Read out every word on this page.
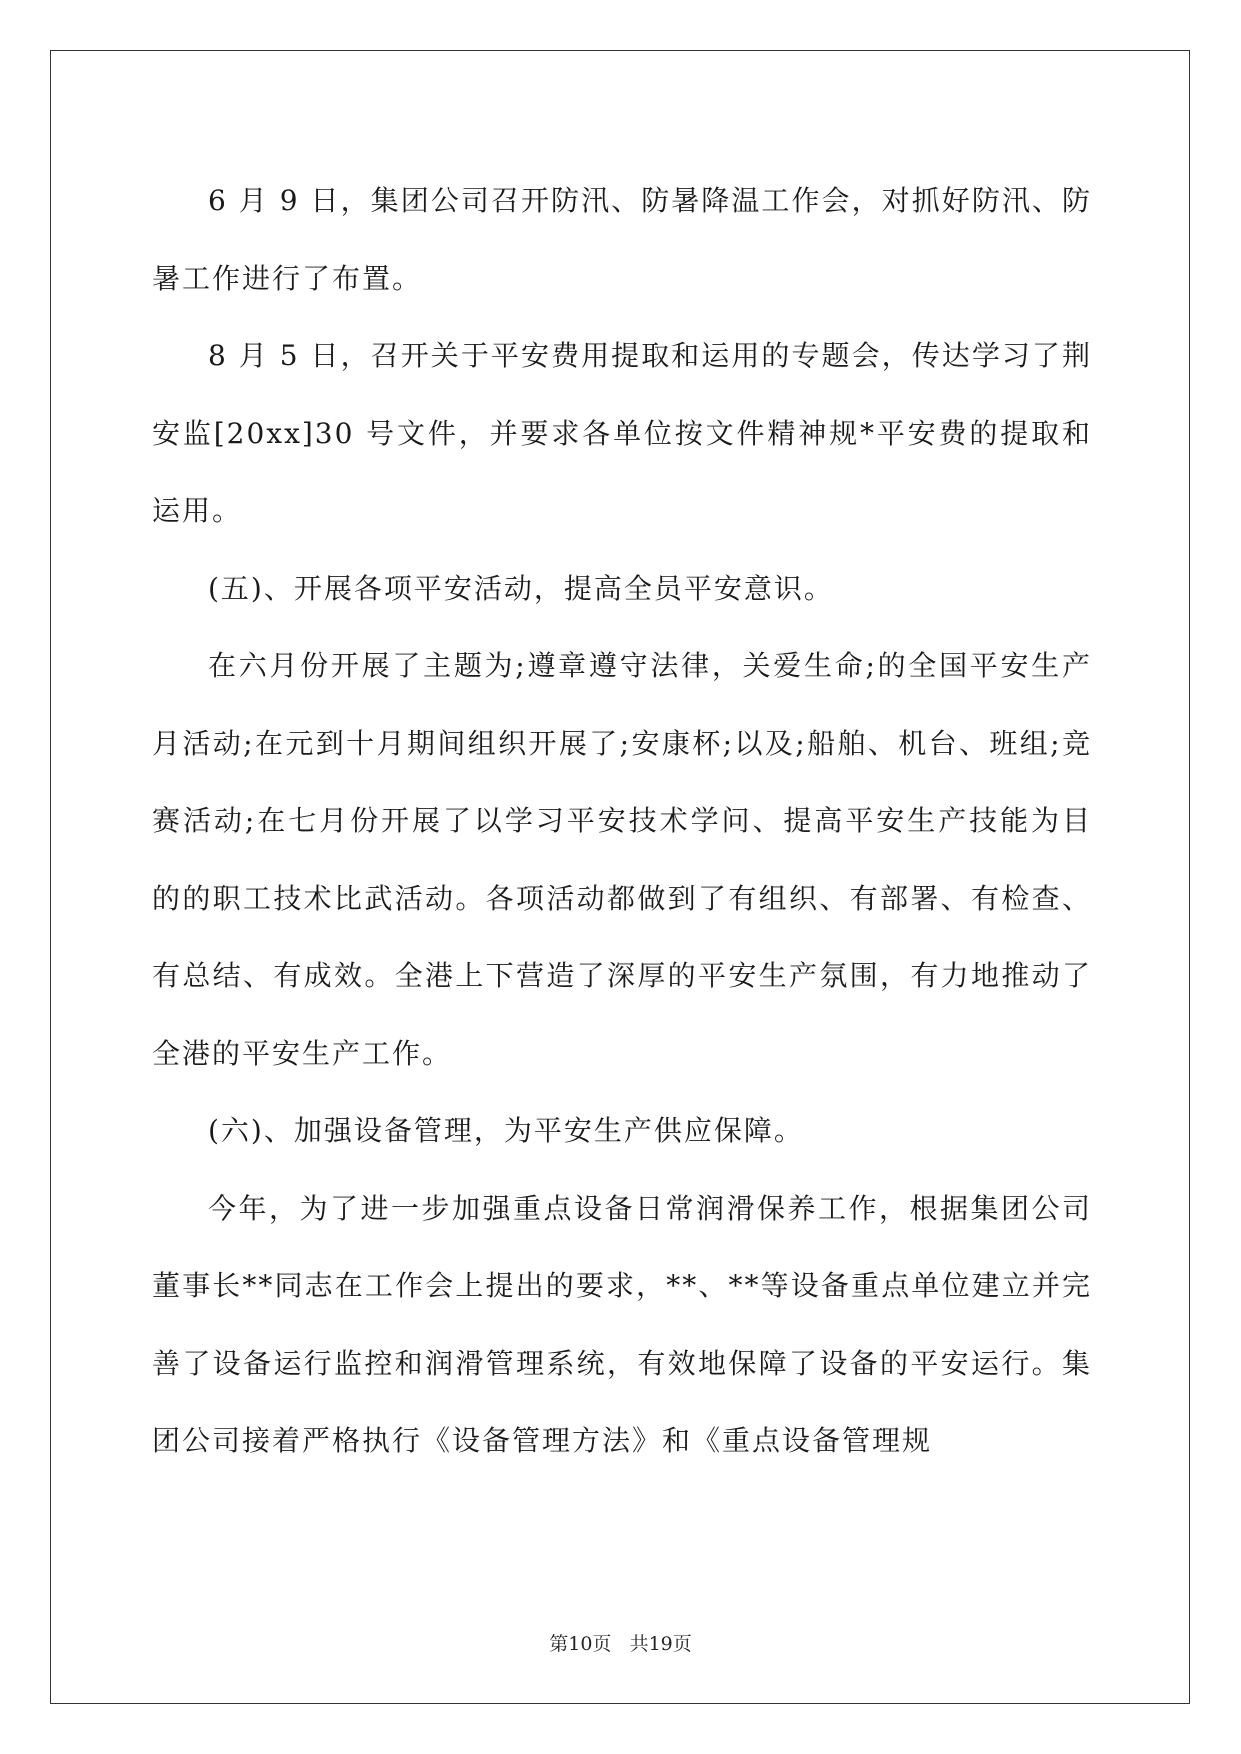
6 月 9 日，集团公司召开防汛、防暑降温工作会，对抓好防汛、防暑工作进行了布置。

8 月 5 日，召开关于平安费用提取和运用的专题会，传达学习了荆安监[20xx]30 号文件，并要求各单位按文件精神规*平安费的提取和运用。

(五)、开展各项平安活动，提高全员平安意识。

在六月份开展了主题为;遵章遵守法律，关爱生命;的全国平安生产月活动;在元到十月期间组织开展了;安康杯;以及;船舶、机台、班组;竞赛活动;在七月份开展了以学习平安技术学问、提高平安生产技能为目的的职工技术比武活动。各项活动都做到了有组织、有部署、有检查、有总结、有成效。全港上下营造了深厚的平安生产氛围，有力地推动了全港的平安生产工作。

(六)、加强设备管理，为平安生产供应保障。

今年，为了进一步加强重点设备日常润滑保养工作，根据集团公司董事长**同志在工作会上提出的要求，**、**等设备重点单位建立并完善了设备运行监控和润滑管理系统，有效地保障了设备的平安运行。集团公司接着严格执行《设备管理方法》和《重点设备管理规

第10页 共19页
